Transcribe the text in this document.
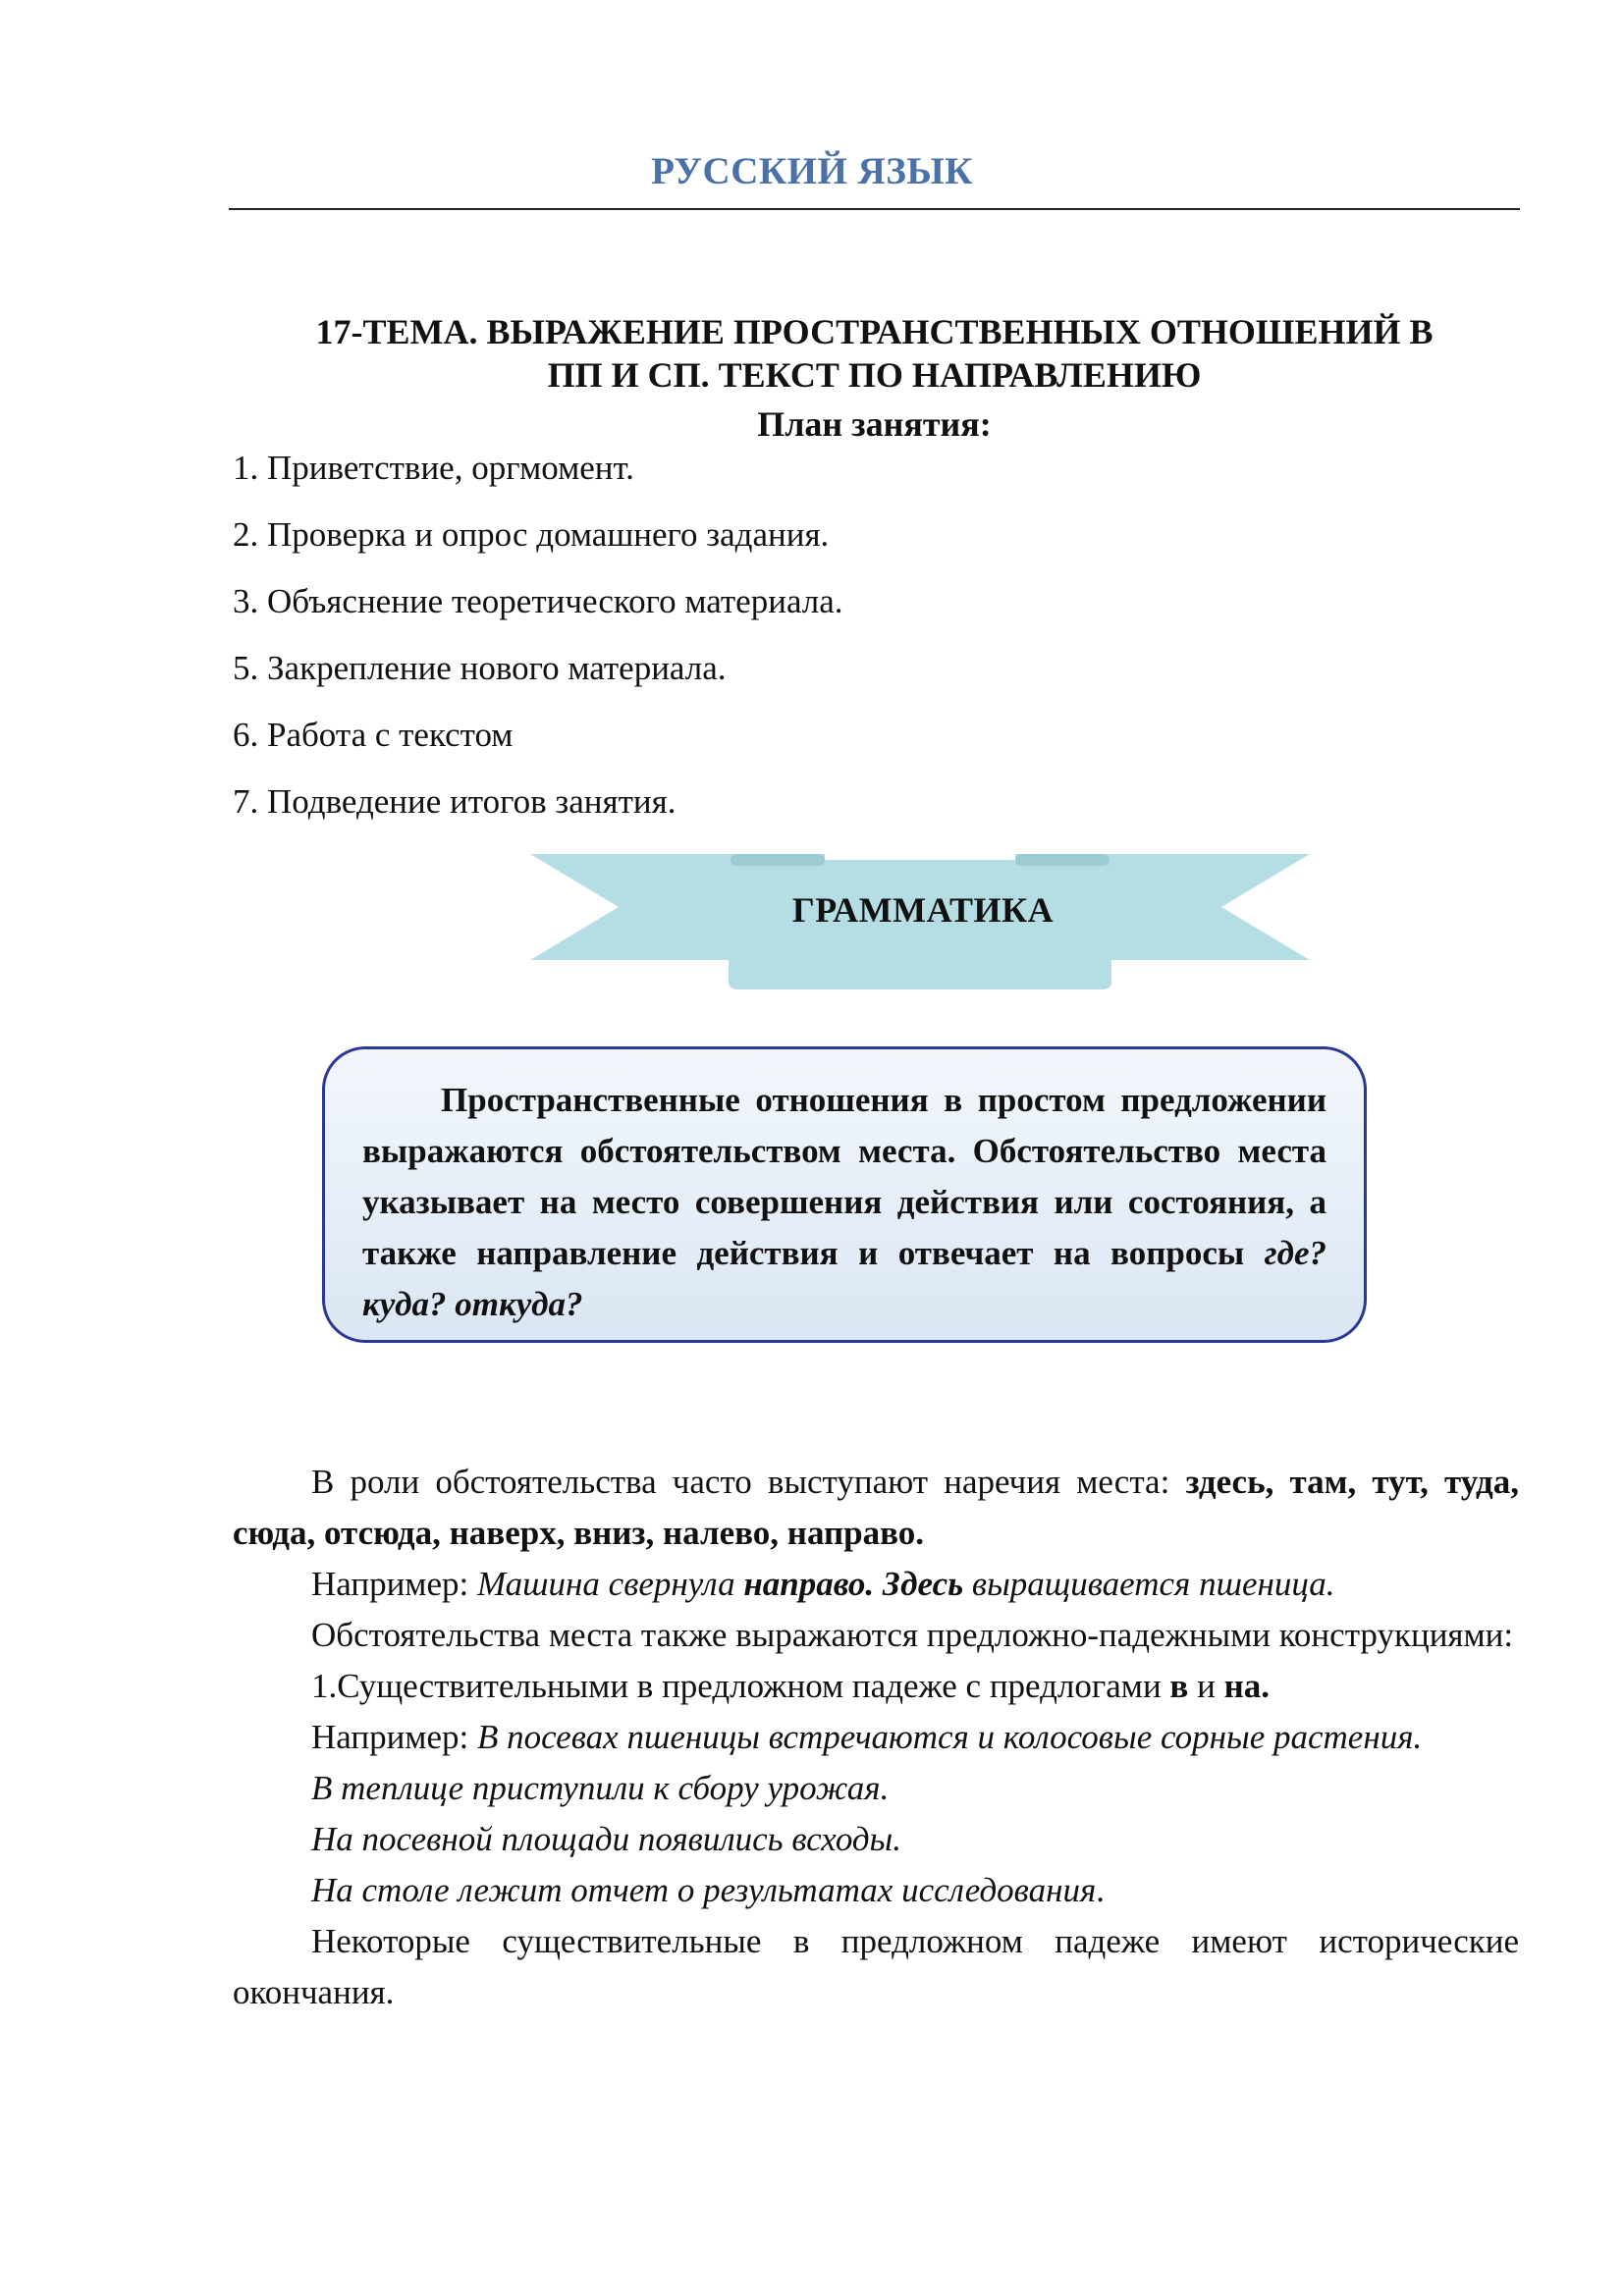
РУССКИЙ ЯЗЫК
17-ТЕМА. ВЫРАЖЕНИЕ ПРОСТРАНСТВЕННЫХ ОТНОШЕНИЙ В
ПП И СП. ТЕКСТ ПО НАПРАВЛЕНИЮ
План занятия:
1. Приветствие, оргмомент.
2. Проверка и опрос домашнего задания.
3. Объяснение теоретического материала.
5. Закрепление нового материала.
6. Работа с текстом
7. Подведение итогов занятия.
ГРАММАТИКА

Пространственные отношения в простом предложении выражаются обстоятельством места. Обстоятельство места указывает на место совершения действия или состояния, а также направление действия и отвечает на вопросы где? куда? откуда?

В роли обстоятельства часто выступают наречия места: здесь, там, тут, туда, сюда, отсюда, наверх, вниз, налево, направо.

Например: Машина свернула направо. Здесь выращивается пшеница.

Обстоятельства места также выражаются предложно-падежными конструкциями:

1.Существительными в предложном падеже с предлогами в и на.

Например: В посевах пшеницы встречаются и колосовые сорные растения.

В теплице приступили к сбору урожая.

На посевной площади появились всходы.

На столе лежит отчет о результатах исследования.

Некоторые существительные в предложном падеже имеют исторические окончания.
